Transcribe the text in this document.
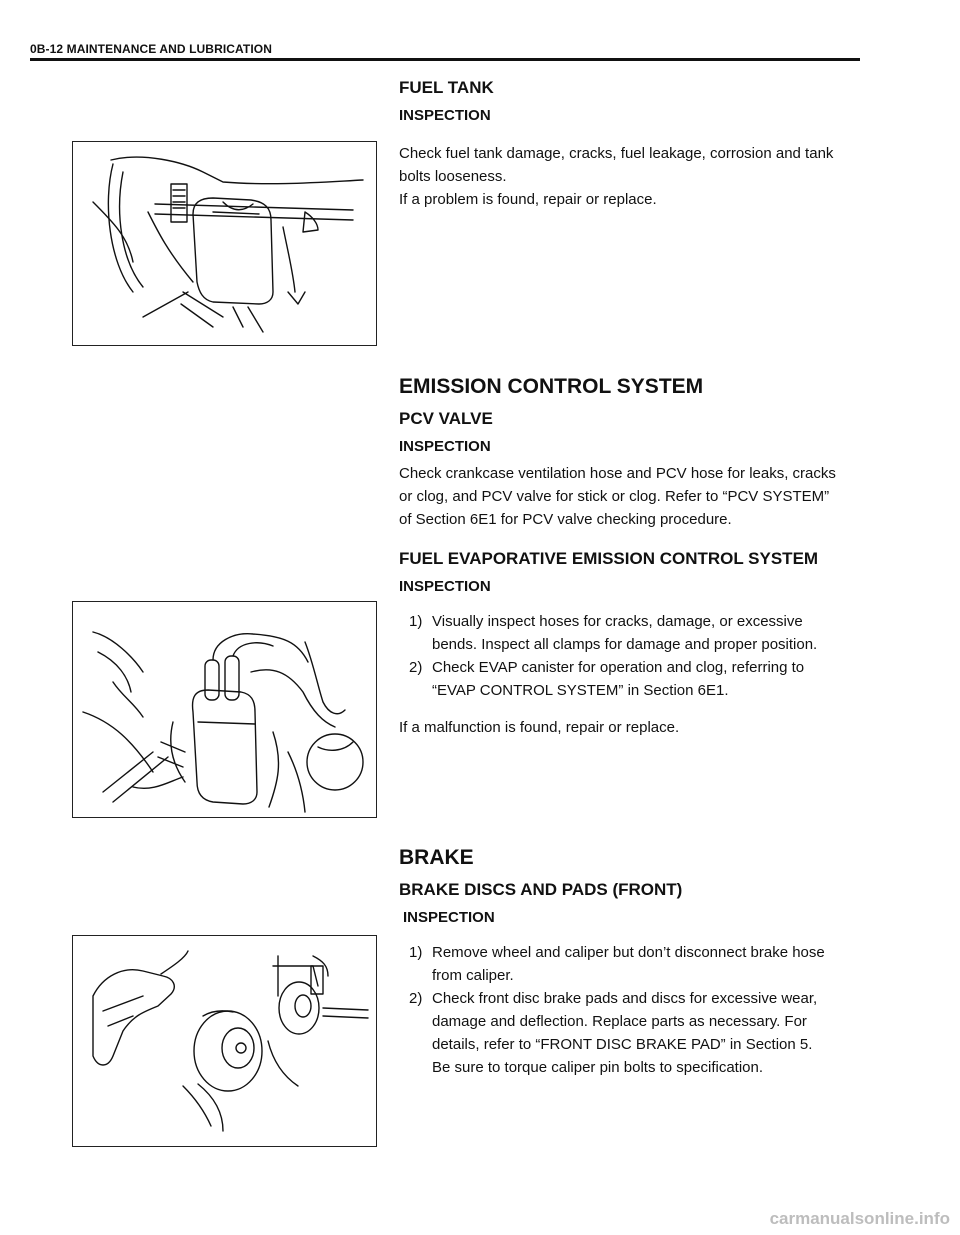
0B-12 MAINTENANCE AND LUBRICATION
FUEL TANK
INSPECTION
Check fuel tank damage, cracks, fuel leakage, corrosion and tank
bolts looseness.
If a problem is found, repair or replace.
EMISSION CONTROL SYSTEM
PCV VALVE
INSPECTION
Check crankcase ventilation hose and PCV hose for leaks, cracks
or clog, and PCV valve for stick or clog. Refer to “PCV SYSTEM”
of Section 6E1 for PCV valve checking procedure.
FUEL EVAPORATIVE EMISSION CONTROL SYSTEM
INSPECTION
1) Visually inspect hoses for cracks, damage, or excessive
bends. Inspect all clamps for damage and proper position.
2) Check EVAP canister for operation and clog, referring to
“EVAP CONTROL SYSTEM” in Section 6E1.
If a malfunction is found, repair or replace.
BRAKE
BRAKE DISCS AND PADS (FRONT)
INSPECTION
1) Remove wheel and caliper but don’t disconnect brake hose
from caliper.
2) Check front disc brake pads and discs for excessive wear,
damage and deflection. Replace parts as necessary. For
details, refer to “FRONT DISC BRAKE PAD” in Section 5.
Be sure to torque caliper pin bolts to specification.
carmanualsonline.info
